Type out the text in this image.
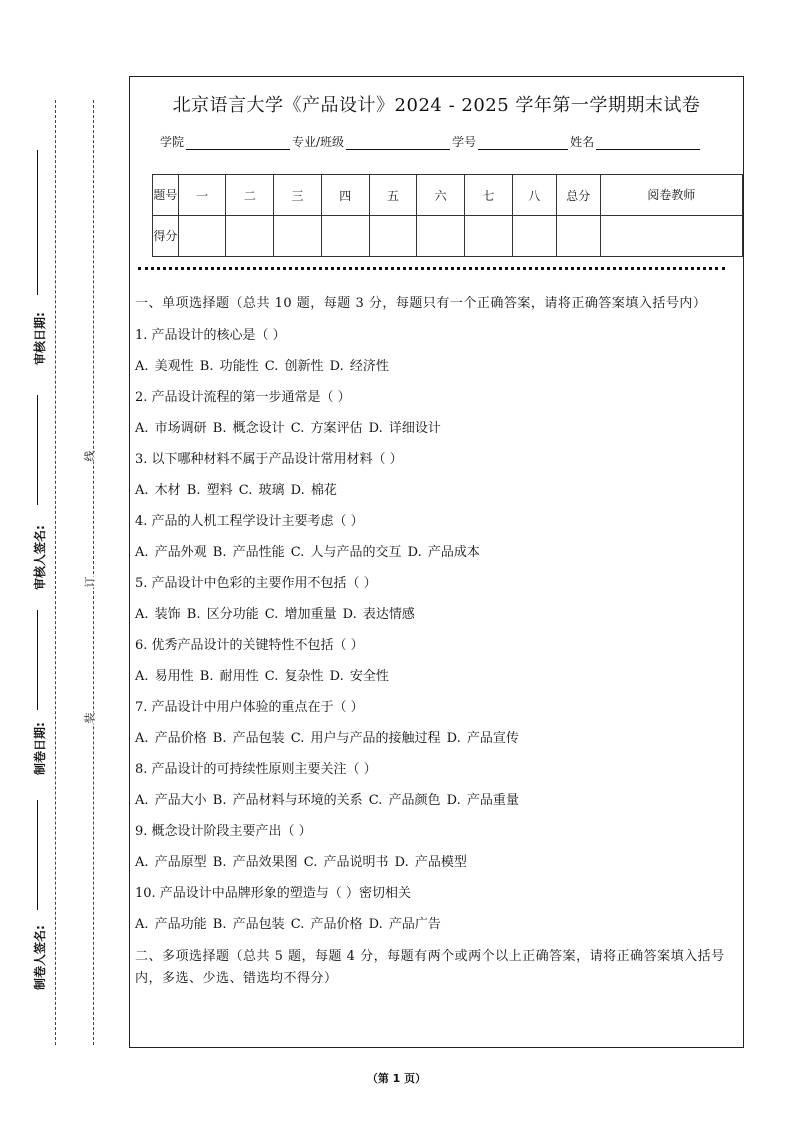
审核日期:
审核人签名:
制卷日期:
制卷人签名:
线
订
装
北京语言大学《产品设计》2024 - 2025 学年第一学期期末试卷
学院	专业/班级	学号	姓名
题号	一	二	三	四	五	六	七	八	总分	阅卷教师
得分										
一、单项选择题（总共 10 题，每题 3 分，每题只有一个正确答案，请将正确答案填入括号内）
1. 产品设计的核心是（ ）
A. 美观性 B. 功能性 C. 创新性 D. 经济性
2. 产品设计流程的第一步通常是（ ）
A. 市场调研 B. 概念设计 C. 方案评估 D. 详细设计
3. 以下哪种材料不属于产品设计常用材料（ ）
A. 木材 B. 塑料 C. 玻璃 D. 棉花
4. 产品的人机工程学设计主要考虑（ ）
A. 产品外观 B. 产品性能 C. 人与产品的交互 D. 产品成本
5. 产品设计中色彩的主要作用不包括（ ）
A. 装饰 B. 区分功能 C. 增加重量 D. 表达情感
6. 优秀产品设计的关键特性不包括（ ）
A. 易用性 B. 耐用性 C. 复杂性 D. 安全性
7. 产品设计中用户体验的重点在于（ ）
A. 产品价格 B. 产品包装 C. 用户与产品的接触过程 D. 产品宣传
8. 产品设计的可持续性原则主要关注（ ）
A. 产品大小 B. 产品材料与环境的关系 C. 产品颜色 D. 产品重量
9. 概念设计阶段主要产出（ ）
A. 产品原型 B. 产品效果图 C. 产品说明书 D. 产品模型
10. 产品设计中品牌形象的塑造与（ ）密切相关
A. 产品功能 B. 产品包装 C. 产品价格 D. 产品广告
二、多项选择题（总共 5 题，每题 4 分，每题有两个或两个以上正确答案，请将正确答案填入括号内，多选、少选、错选均不得分）
（第 1 页）
